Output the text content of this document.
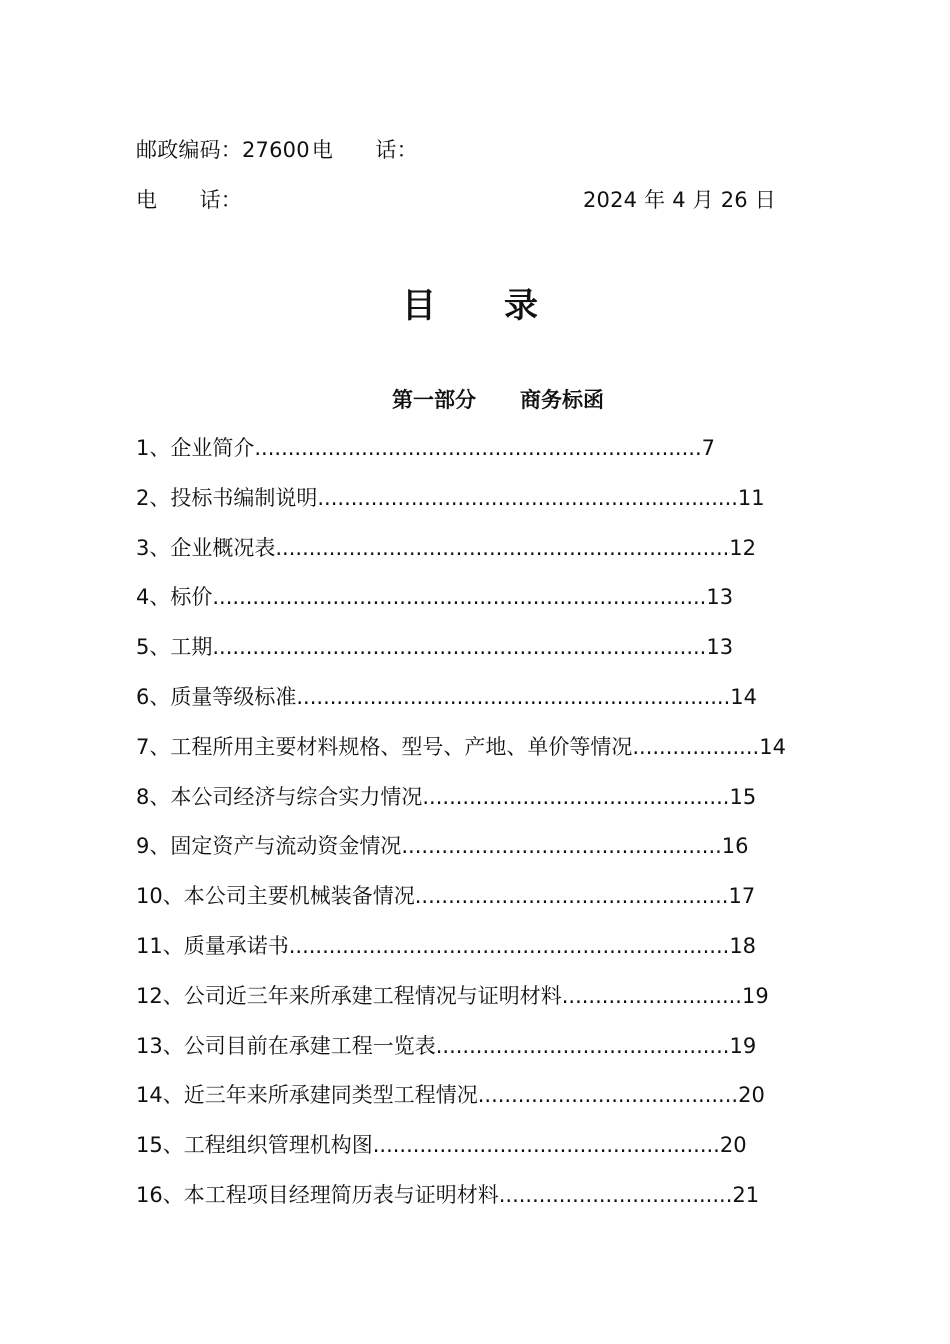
邮政编码：27600电　　话：
电　　话：	2024 年 4 月 26 日
目录
第一部分 商务标函
1、企业简介...................................................................7
2、投标书编制说明...............................................................11
3、企业概况表....................................................................12
4、标价..........................................................................13
5、工期..........................................................................13
6、质量等级标准.................................................................14
7、工程所用主要材料规格、型号、产地、单价等情况...................14
8、本公司经济与综合实力情况..............................................15
9、固定资产与流动资金情况................................................16
10、本公司主要机械装备情况...............................................17
11、质量承诺书..................................................................18
12、公司近三年来所承建工程情况与证明材料...........................19
13、公司目前在承建工程一览表............................................19
14、近三年来所承建同类型工程情况.......................................20
15、工程组织管理机构图....................................................20
16、本工程项目经理简历表与证明材料...................................21
